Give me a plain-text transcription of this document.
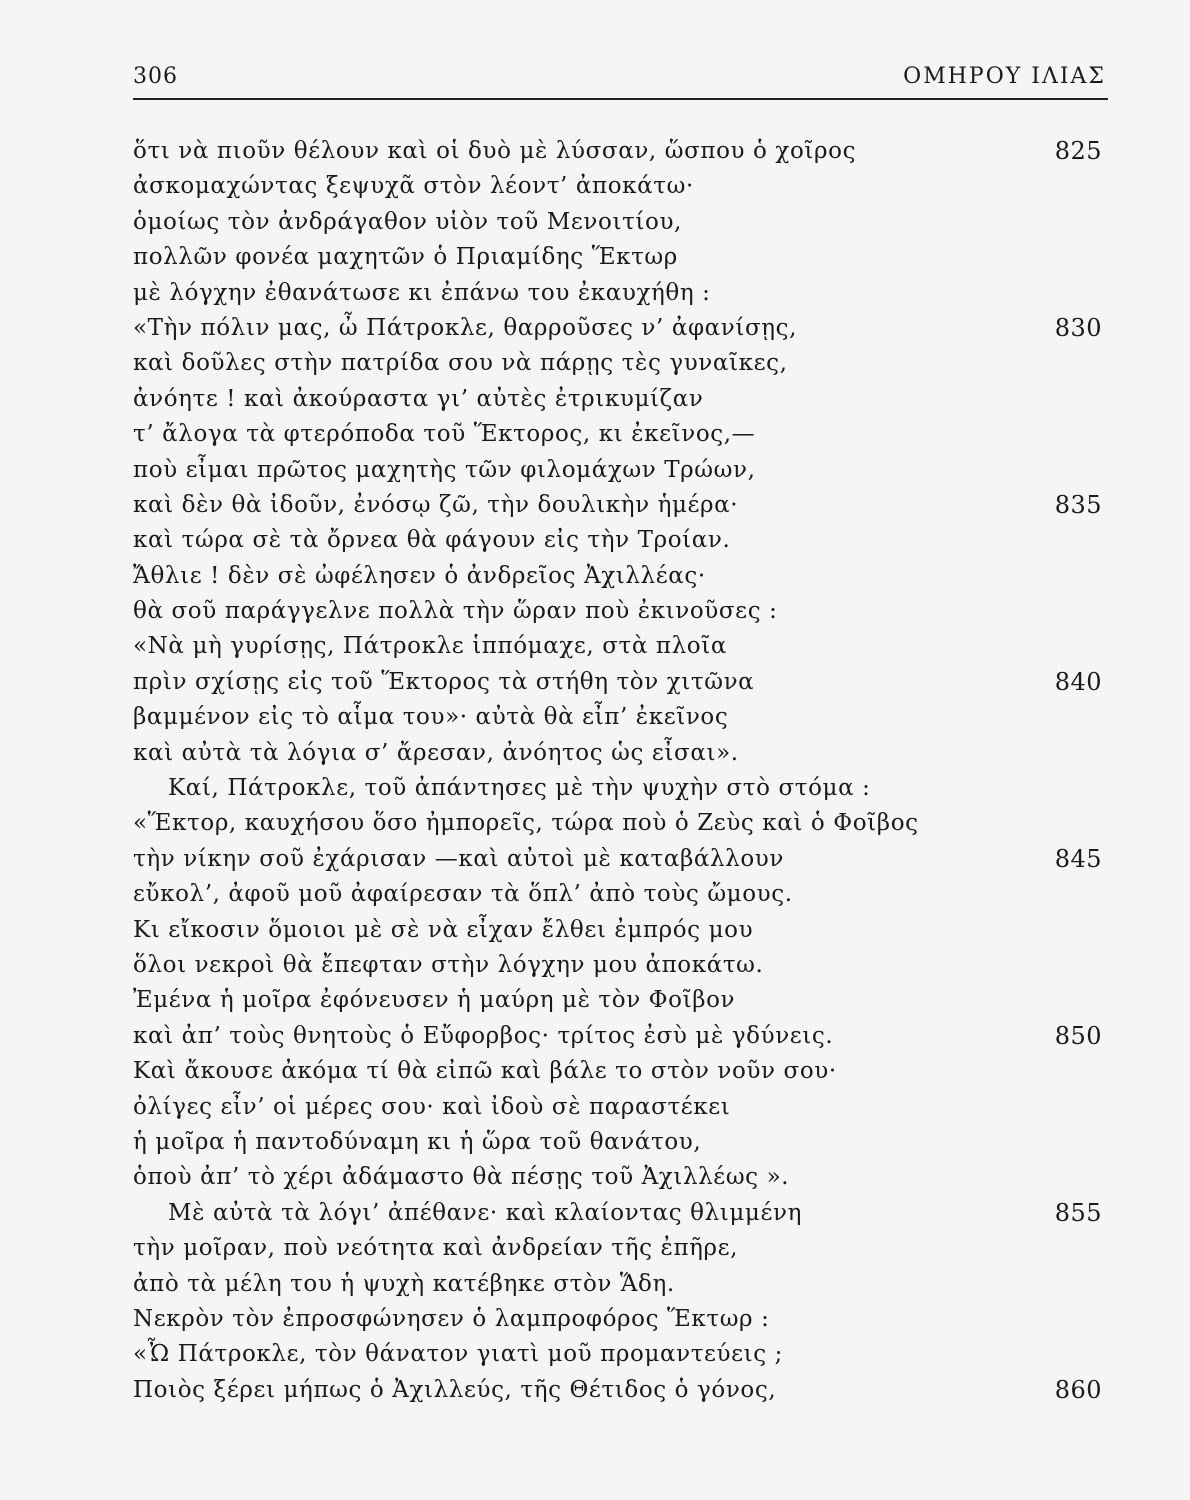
306	ΟΜΗΡΟΥ ΙΛΙΑΣ
ὅτι νὰ πιοῦν θέλουν καὶ οἱ δυὸ μὲ λύσσαν, ὥσπου ὁ χοῖρος	825
ἀσκομαχώντας ξεψυχᾶ στὸν λέοντ’ ἀποκάτω·
ὁμοίως τὸν ἀνδράγαθον υἱὸν τοῦ Μενοιτίου,
πολλῶν φονέα μαχητῶν ὁ Πριαμίδης Ἕκτωρ
μὲ λόγχην ἐθανάτωσε κι ἐπάνω του ἐκαυχήθη :
«Τὴν πόλιν μας, ὦ Πάτροκλε, θαρροῦσες ν’ ἀφανίσῃς,	830
καὶ δοῦλες στὴν πατρίδα σου νὰ πάρῃς τὲς γυναῖκες,
ἀνόητε ! καὶ ἀκούραστα γι’ αὐτὲς ἐτρικυμίζαν
τ’ ἄλογα τὰ φτερόποδα τοῦ Ἕκτορος, κι ἐκεῖνος,—
ποὺ εἶμαι πρῶτος μαχητὴς τῶν φιλομάχων Τρώων,
καὶ δὲν θὰ ἰδοῦν, ἐνόσῳ ζῶ, τὴν δουλικὴν ἡμέρα·	835
καὶ τώρα σὲ τὰ ὄρνεα θὰ φάγουν εἰς τὴν Τροίαν.
Ἄθλιε ! δὲν σὲ ὠφέλησεν ὁ ἀνδρεῖος Ἀχιλλέας·
θὰ σοῦ παράγγελνε πολλὰ τὴν ὥραν ποὺ ἐκινοῦσες :
«Νὰ μὴ γυρίσῃς, Πάτροκλε ἱππόμαχε, στὰ πλοῖα
πρὶν σχίσῃς εἰς τοῦ Ἕκτορος τὰ στήθη τὸν χιτῶνα	840
βαμμένον εἰς τὸ αἷμα του»· αὐτὰ θὰ εἶπ’ ἐκεῖνος
καὶ αὐτὰ τὰ λόγια σ’ ἄρεσαν, ἀνόητος ὡς εἶσαι».
Καί, Πάτροκλε, τοῦ ἀπάντησες μὲ τὴν ψυχὴν στὸ στόμα :
«Ἕκτορ, καυχήσου ὅσο ἠμπορεῖς, τώρα ποὺ ὁ Ζεὺς καὶ ὁ Φοῖβος
τὴν νίκην σοῦ ἐχάρισαν —καὶ αὐτοὶ μὲ καταβάλλουν	845
εὔκολ’, ἀφοῦ μοῦ ἀφαίρεσαν τὰ ὅπλ’ ἀπὸ τοὺς ὤμους.
Κι εἴκοσιν ὅμοιοι μὲ σὲ νὰ εἶχαν ἔλθει ἐμπρός μου
ὅλοι νεκροὶ θὰ ἔπεφταν στὴν λόγχην μου ἀποκάτω.
Ἐμένα ἡ μοῖρα ἐφόνευσεν ἡ μαύρη μὲ τὸν Φοῖβον
καὶ ἀπ’ τοὺς θνητοὺς ὁ Εὔφορβος· τρίτος ἐσὺ μὲ γδύνεις.	850
Καὶ ἄκουσε ἀκόμα τί θὰ εἰπῶ καὶ βάλε το στὸν νοῦν σου·
ὀλίγες εἶν’ οἱ μέρες σου· καὶ ἰδοὺ σὲ παραστέκει
ἡ μοῖρα ἡ παντοδύναμη κι ἡ ὥρα τοῦ θανάτου,
ὁποὺ ἀπ’ τὸ χέρι ἀδάμαστο θὰ πέσῃς τοῦ Ἀχιλλέως ».
Μὲ αὐτὰ τὰ λόγι’ ἀπέθανε· καὶ κλαίοντας θλιμμένη	855
τὴν μοῖραν, ποὺ νεότητα καὶ ἀνδρείαν τῆς ἐπῆρε,
ἀπὸ τὰ μέλη του ἡ ψυχὴ κατέβηκε στὸν Ἅδη.
Νεκρὸν τὸν ἐπροσφώνησεν ὁ λαμπροφόρος Ἕκτωρ :
«Ὦ Πάτροκλε, τὸν θάνατον γιατὶ μοῦ προμαντεύεις ;
Ποιὸς ξέρει μήπως ὁ Ἀχιλλεύς, τῆς Θέτιδος ὁ γόνος,	860
